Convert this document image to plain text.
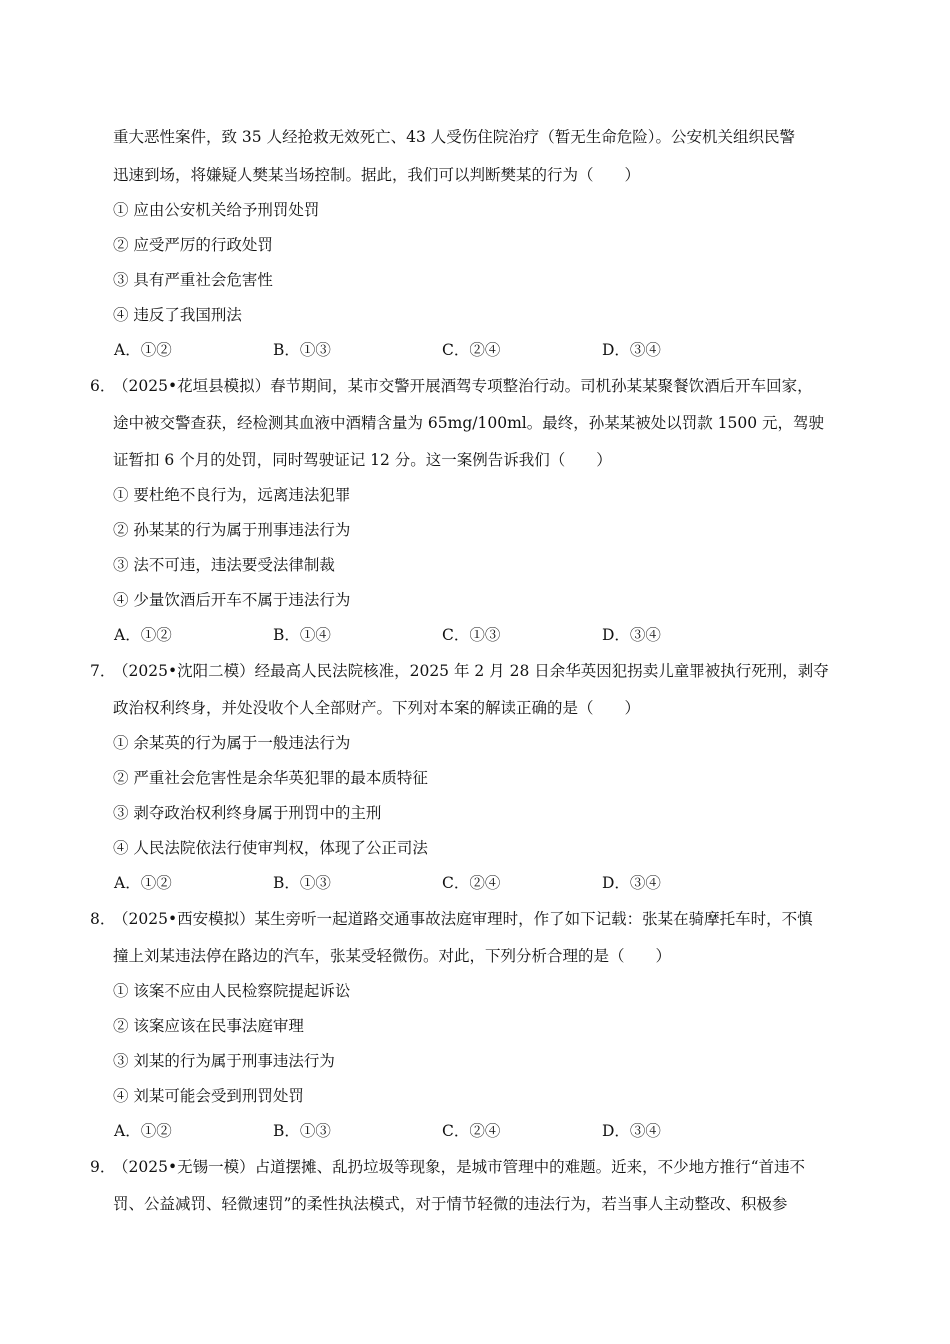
重大恶性案件，致 35 人经抢救无效死亡、43 人受伤住院治疗（暂无生命危险）。公安机关组织民警
迅速到场，将嫌疑人樊某当场控制。据此，我们可以判断樊某的行为（　　）
① 应由公安机关给予刑罚处罚
② 应受严厉的行政处罚
③ 具有严重社会危害性
④ 违反了我国刑法
A．①②	B．①③	C．②④	D．③④
6．
（2025•花垣县模拟）春节期间，某市交警开展酒驾专项整治行动。司机孙某某聚餐饮酒后开车回家，
途中被交警查获，经检测其血液中酒精含量为 65mg/100ml。最终，孙某某被处以罚款 1500 元，驾驶
证暂扣 6 个月的处罚，同时驾驶证记 12 分。这一案例告诉我们（　　）
① 要杜绝不良行为，远离违法犯罪
② 孙某某的行为属于刑事违法行为
③ 法不可违，违法要受法律制裁
④ 少量饮酒后开车不属于违法行为
A．①②	B．①④	C．①③	D．③④
7．
（2025•沈阳二模）经最高人民法院核准，2025 年 2 月 28 日余华英因犯拐卖儿童罪被执行死刑，剥夺
政治权利终身，并处没收个人全部财产。下列对本案的解读正确的是（　　）
① 余某英的行为属于一般违法行为
② 严重社会危害性是余华英犯罪的最本质特征
③ 剥夺政治权利终身属于刑罚中的主刑
④ 人民法院依法行使审判权，体现了公正司法
A．①②	B．①③	C．②④	D．③④
8．
（2025•西安模拟）某生旁听一起道路交通事故法庭审理时，作了如下记载：张某在骑摩托车时，不慎
撞上刘某违法停在路边的汽车，张某受轻微伤。对此，下列分析合理的是（　　）
① 该案不应由人民检察院提起诉讼
② 该案应该在民事法庭审理
③ 刘某的行为属于刑事违法行为
④ 刘某可能会受到刑罚处罚
A．①②	B．①③	C．②④	D．③④
9．
（2025•无锡一模）占道摆摊、乱扔垃圾等现象，是城市管理中的难题。近来，不少地方推行“首违不
罚、公益减罚、轻微速罚”的柔性执法模式，对于情节轻微的违法行为，若当事人主动整改、积极参
